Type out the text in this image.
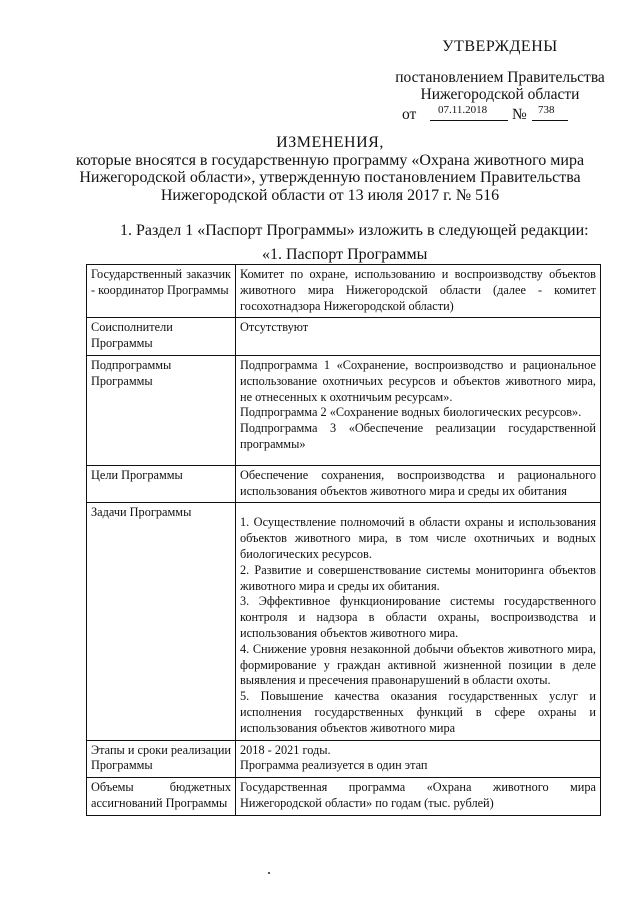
УТВЕРЖДЕНЫ
постановлением Правительства
Нижегородской области
от 07.11.2018 № 738
ИЗМЕНЕНИЯ,
которые вносятся в государственную программу «Охрана животного мира
Нижегородской области», утвержденную постановлением Правительства
Нижегородской области от 13 июля 2017 г. № 516
1. Раздел 1 «Паспорт Программы» изложить в следующей редакции:
«1. Паспорт Программы
Государственный заказчик - координатор Программы	Комитет по охране, использованию и воспроизводству объектов животного мира Нижегородской области (далее - комитет госохотнадзора Нижегородской области)
Соисполнители Программы	Отсутствуют
Подпрограммы Программы	Подпрограмма 1 «Сохранение, воспроизводство и рациональное использование охотничьих ресурсов и объектов животного мира, не отнесенных к охотничьим ресурсам».
Подпрограмма 2 «Сохранение водных биологических ресурсов».
Подпрограмма 3 «Обеспечение реализации государственной программы»

Цели Программы	Обеспечение сохранения, воспроизводства и рационального использования объектов животного мира и среды их обитания
Задачи Программы	1. Осуществление полномочий в области охраны и использования объектов животного мира, в том числе охотничьих и водных биологических ресурсов.
2. Развитие и совершенствование системы мониторинга объектов животного мира и среды их обитания.
3. Эффективное функционирование системы государственного контроля и надзора в области охраны, воспроизводства и использования объектов животного мира.
4. Снижение уровня незаконной добычи объектов животного мира, формирование у граждан активной жизненной позиции в деле выявления и пресечения правонарушений в области охоты.
5. Повышение качества оказания государственных услуг и исполнения государственных функций в сфере охраны и использования объектов животного мира

Этапы и сроки реализации Программы	2018 - 2021 годы.
Программа реализуется в один этап

Объемы бюджетных ассигнований Программы	Государственная программа «Охрана животного мира Нижегородской области» по годам (тыс. рублей)
